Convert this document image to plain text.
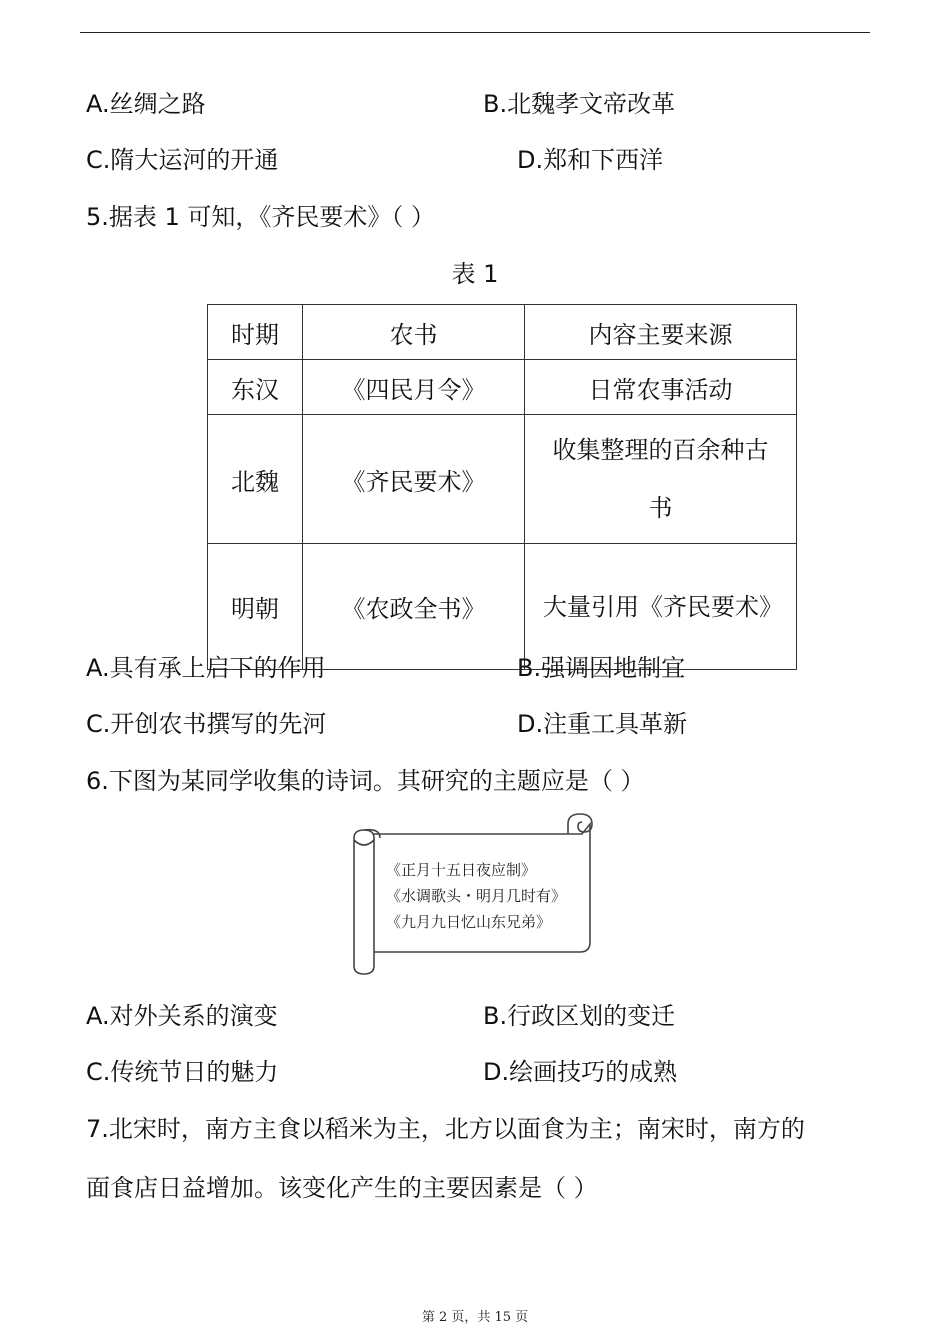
A.丝绸之路	B.北魏孝文帝改革
C.隋大运河的开通	D.郑和下西洋
5.据表 1 可知，《齐民要术》（ ）
表 1
时期	农书	内容主要来源
东汉	《四民月令》	日常农事活动
北魏	《齐民要术》	收集整理的百余种古书
明朝	《农政全书》	大量引用《齐民要术》
A.具有承上启下的作用	B.强调因地制宜
C.开创农书撰写的先河	D.注重工具革新
6.下图为某同学收集的诗词。其研究的主题应是（ ）
《正月十五日夜应制》
《水调歌头・明月几时有》
《九月九日忆山东兄弟》
A.对外关系的演变	B.行政区划的变迁
C.传统节日的魅力	D.绘画技巧的成熟
7.北宋时，南方主食以稻米为主，北方以面食为主；南宋时，南方的
面食店日益增加。该变化产生的主要因素是（ ）
第 2 页，共 15 页
